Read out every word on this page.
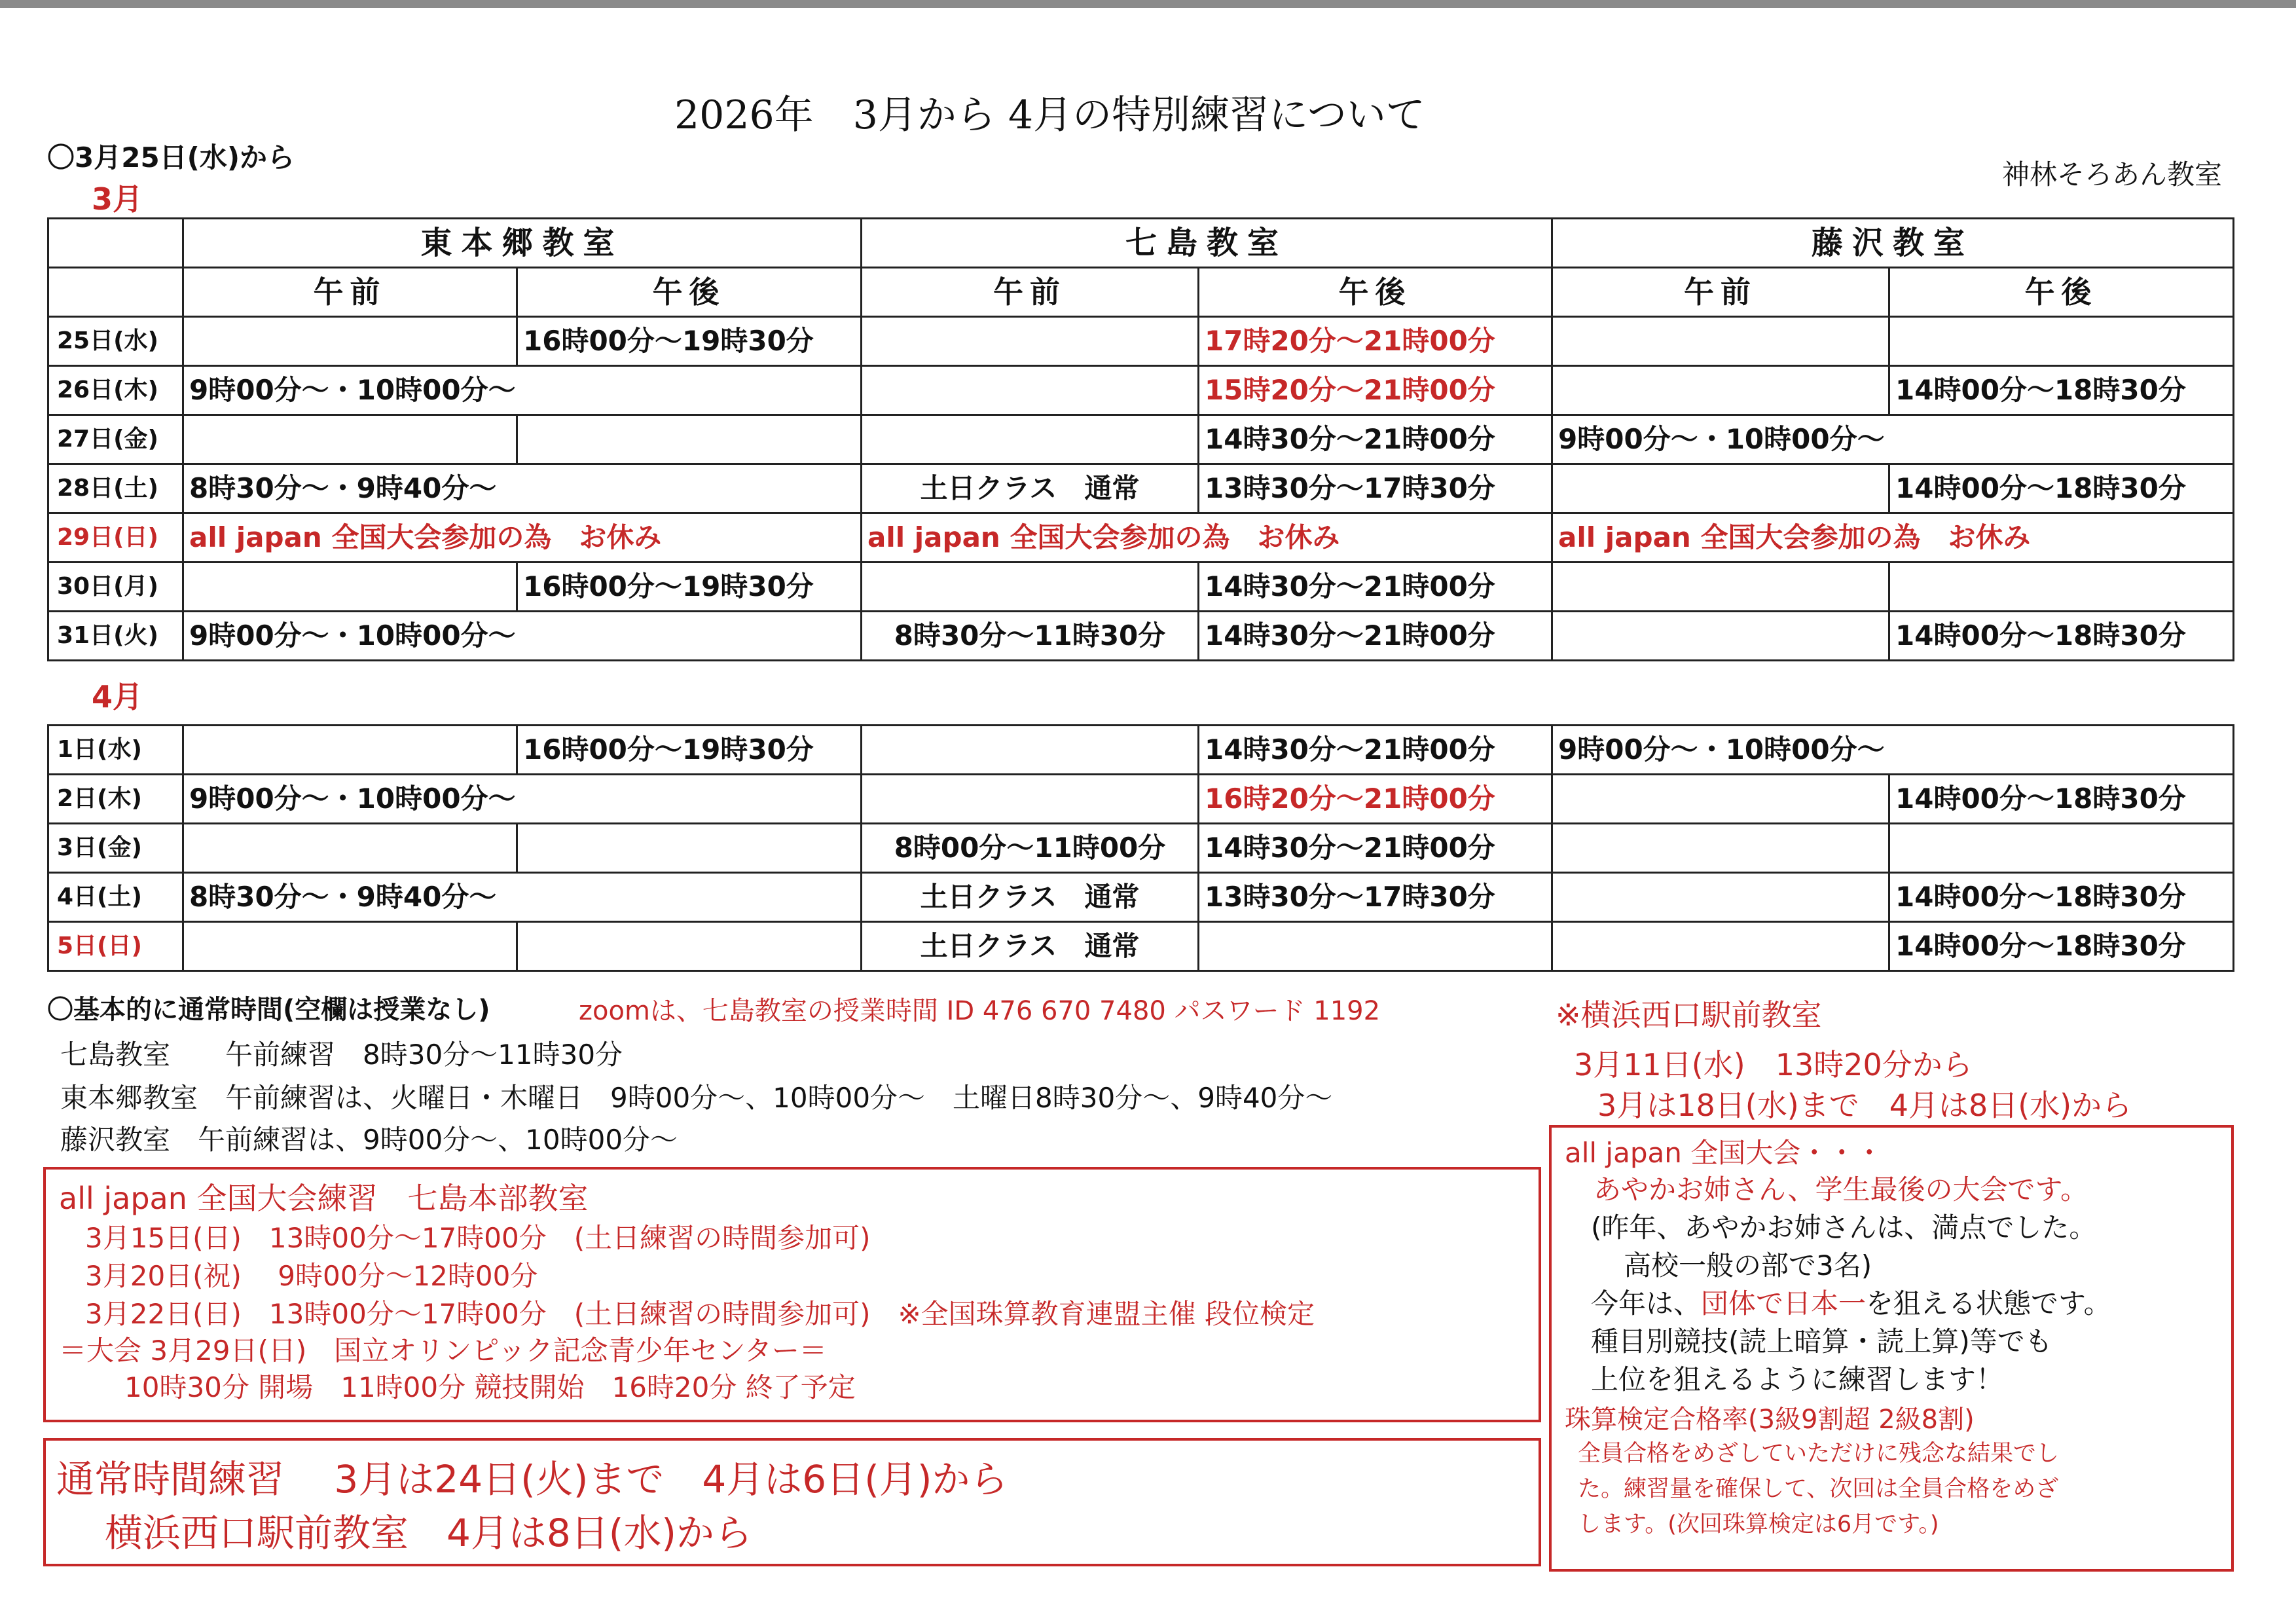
2026年　3月から 4月の特別練習について
〇3月25日(水)から
神林そろあん教室
3月
	東本郷教室		七島教室		藤沢教室	
	午前	午後	午前	午後	午前	午後
25日(水)		16時00分～19時30分		17時20分～21時00分		
26日(木)	9時00分～・10時00分～			15時20分～21時00分		14時00分～18時30分
27日(金)				14時30分～21時00分	9時00分～・10時00分～	
28日(土)	8時30分～・9時40分～		土日クラス　通常	13時30分～17時30分		14時00分～18時30分
29日(日)	all japan 全国大会参加の為　お休み		all japan 全国大会参加の為　お休み		all japan 全国大会参加の為　お休み	
30日(月)		16時00分～19時30分		14時30分～21時00分		
31日(火)	9時00分～・10時00分～		8時30分～11時30分	14時30分～21時00分		14時00分～18時30分
4月
1日(水)		16時00分～19時30分		14時30分～21時00分	9時00分～・10時00分～	
2日(木)	9時00分～・10時00分～			16時20分～21時00分		14時00分～18時30分
3日(金)			8時00分～11時00分	14時30分～21時00分		
4日(土)	8時30分～・9時40分～		土日クラス　通常	13時30分～17時30分		14時00分～18時30分
5日(日)			土日クラス　通常			14時00分～18時30分
〇基本的に通常時間(空欄は授業なし)	zoomは、七島教室の授業時間 ID 476 670 7480 パスワード 1192
七島教室　　午前練習　8時30分～11時30分
東本郷教室　午前練習は、火曜日・木曜日　9時00分～、10時00分～　土曜日8時30分～、9時40分～
藤沢教室　午前練習は、9時00分～、10時00分～
※横浜西口駅前教室
3月11日(水)　13時20分から
3月は18日(水)まで　4月は8日(水)から
all japan 全国大会練習　七島本部教室
3月15日(日)　13時00分～17時00分　(土日練習の時間参加可)
3月20日(祝)　 9時00分～12時00分
3月22日(日)　13時00分～17時00分　(土日練習の時間参加可)　※全国珠算教育連盟主催 段位検定
＝大会 3月29日(日)　国立オリンピック記念青少年センター＝
10時30分 開場　11時00分 競技開始　16時20分 終了予定
通常時間練習　 3月は24日(火)まで　4月は6日(月)から
横浜西口駅前教室　4月は8日(水)から
all japan 全国大会・・・
あやかお姉さん、学生最後の大会です。
(昨年、あやかお姉さんは、満点でした。
高校一般の部で3名)
今年は、団体で日本一を狙える状態です。
種目別競技(読上暗算・読上算)等でも
上位を狙えるように練習します！
珠算検定合格率(3級9割超 2級8割)
全員合格をめざしていただけに残念な結果でし
た。練習量を確保して、次回は全員合格をめざ
します。(次回珠算検定は6月です。)
